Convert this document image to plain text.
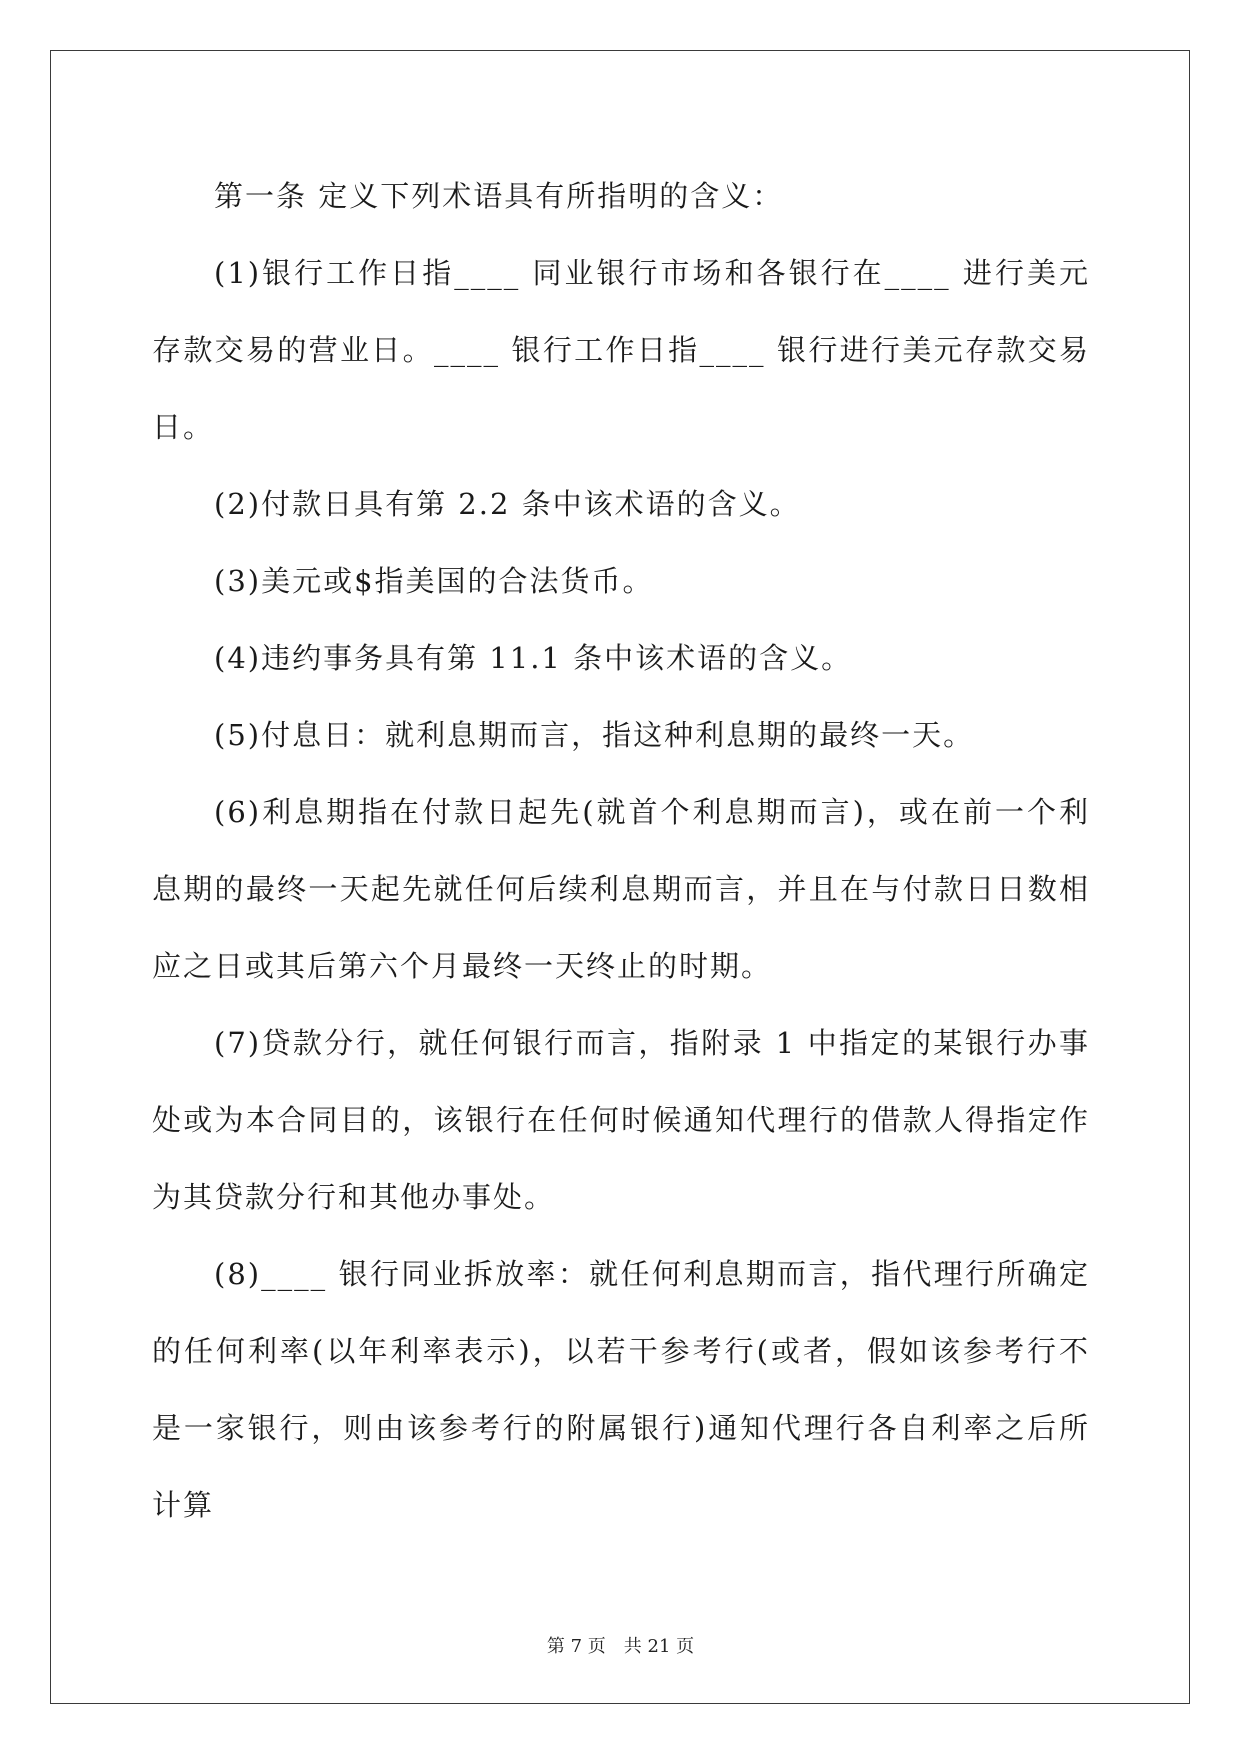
第一条 定义下列术语具有所指明的含义：

(1)银行工作日指____ 同业银行市场和各银行在____ 进行美元存款交易的营业日。____ 银行工作日指____ 银行进行美元存款交易日。

(2)付款日具有第 2.2 条中该术语的含义。

(3)美元或$指美国的合法货币。

(4)违约事务具有第 11.1 条中该术语的含义。

(5)付息日：就利息期而言，指这种利息期的最终一天。

(6)利息期指在付款日起先(就首个利息期而言)，或在前一个利息期的最终一天起先就任何后续利息期而言，并且在与付款日日数相应之日或其后第六个月最终一天终止的时期。

(7)贷款分行，就任何银行而言，指附录 1 中指定的某银行办事处或为本合同目的，该银行在任何时候通知代理行的借款人得指定作为其贷款分行和其他办事处。

(8)____ 银行同业拆放率：就任何利息期而言，指代理行所确定的任何利率(以年利率表示)，以若干参考行(或者，假如该参考行不是一家银行，则由该参考行的附属银行)通知代理行各自利率之后所计算

第 7 页　共 21 页
